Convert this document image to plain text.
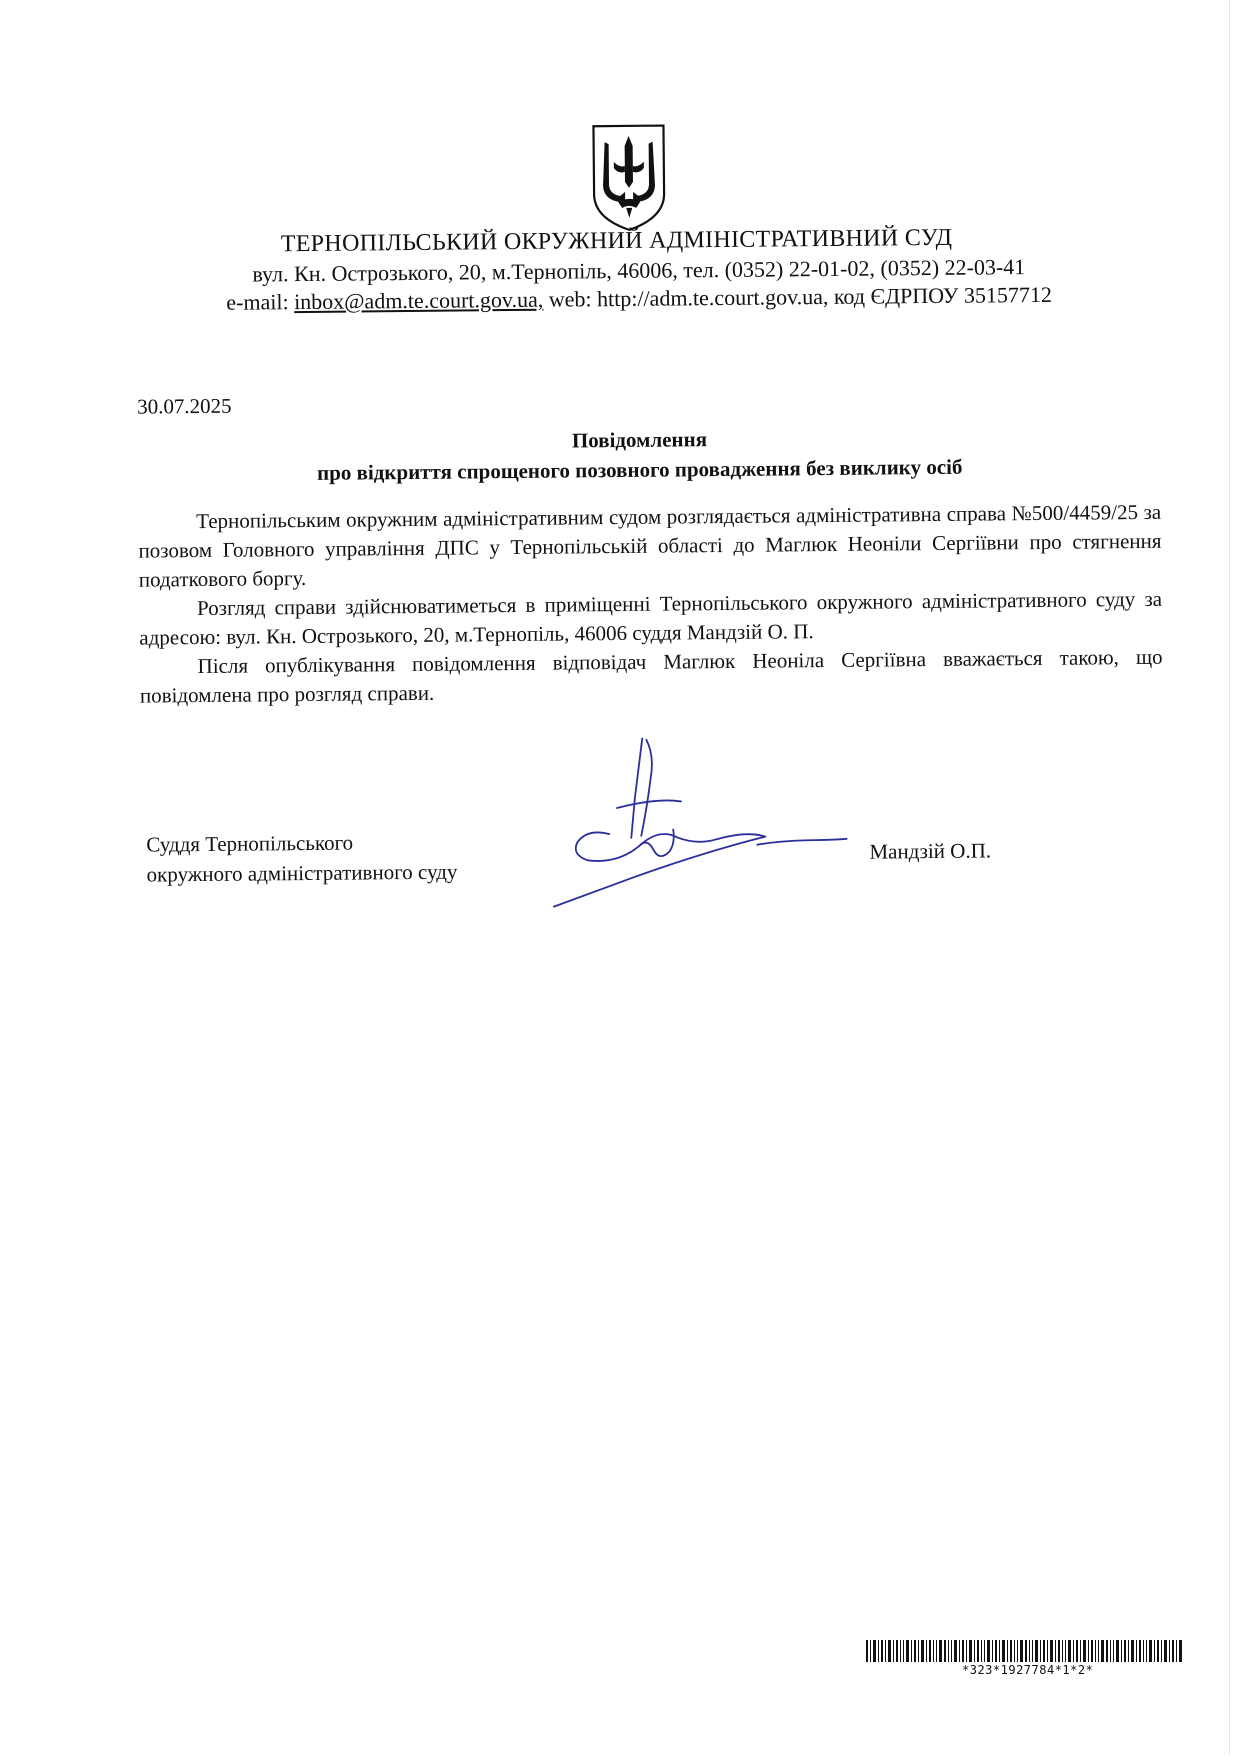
ТЕРНОПІЛЬСЬКИЙ ОКРУЖНИЙ АДМІНІСТРАТИВНИЙ СУД
вул. Кн. Острозького, 20, м.Тернопіль, 46006, тел. (0352) 22-01-02, (0352) 22-03-41
e-mail: inbox@adm.te.court.gov.ua, web: http://adm.te.court.gov.ua, код ЄДРПОУ 35157712
30.07.2025
Повідомлення
про відкриття спрощеного позовного провадження без виклику осіб

Тернопільським окружним адміністративним судом розглядається адміністративна справа №500/4459/25 за позовом Головного управління ДПС у Тернопільській області до Маглюк Неоніли Сергіївни про стягнення податкового боргу.

Розгляд справи здійснюватиметься в приміщенні Тернопільського окружного адміністративного суду за адресою: вул. Кн. Острозького, 20, м.Тернопіль, 46006 суддя Мандзій О. П.

Після опублікування повідомлення відповідач Маглюк Неоніла Сергіївна вважається такою, що повідомлена про розгляд справи.

Суддя Тернопільського
окружного адміністративного суду
Мандзій О.П.
*323*1927784*1*2*
